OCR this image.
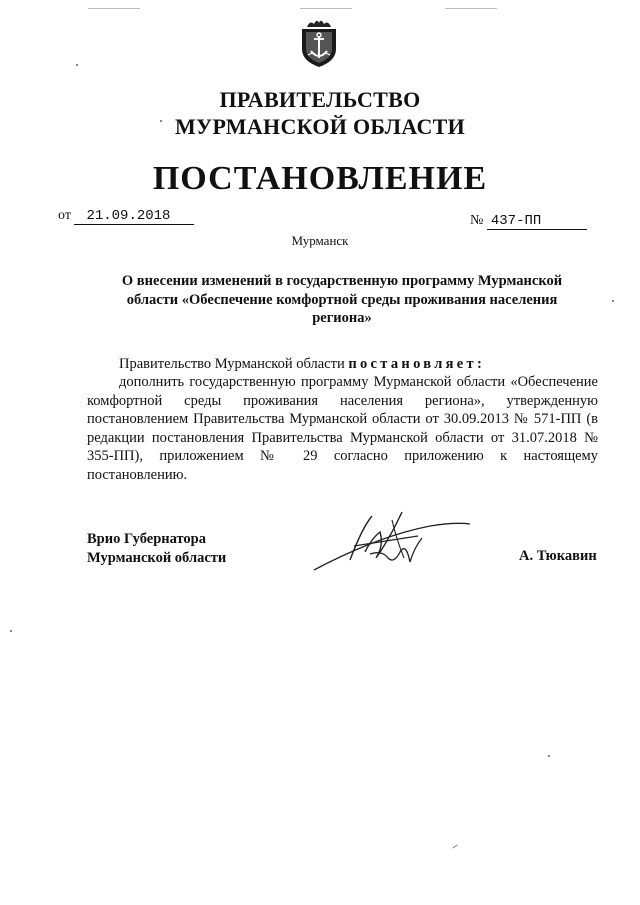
ПРАВИТЕЛЬСТВО
МУРМАНСКОЙ ОБЛАСТИ
ПОСТАНОВЛЕНИЕ
от 21.09.2018	№ 437-ПП
Мурманск
О внесении изменений в государственную программу Мурманской
области «Обеспечение комфортной среды проживания населения
региона»
Правительство Мурманской области постановляет:
дополнить государственную программу Мурманской области «Обеспечение комфортной среды проживания населения региона», утвержденную постановлением Правительства Мурманской области от 30.09.2013 № 571-ПП (в редакции постановления Правительства Мурманской области от 31.07.2018 № 355-ПП), приложением № 29 согласно приложению к настоящему постановлению.
Врио Губернатора
Мурманской области	А. Тюкавин
